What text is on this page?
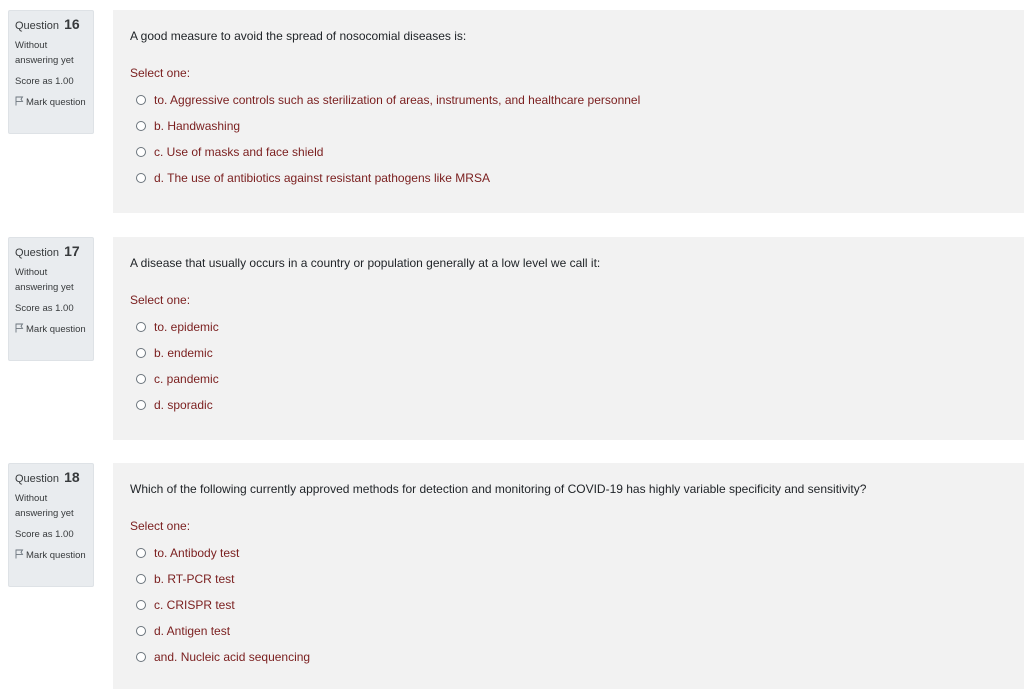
Question 16
Without answering yet
Score as 1.00
Mark question

A good measure to avoid the spread of nosocomial diseases is:

Select one:
to. Aggressive controls such as sterilization of areas, instruments, and healthcare personnel
b. Handwashing
c. Use of masks and face shield
d. The use of antibiotics against resistant pathogens like MRSA
Question 17
Without answering yet
Score as 1.00
Mark question

A disease that usually occurs in a country or population generally at a low level we call it:

Select one:
to. epidemic
b. endemic
c. pandemic
d. sporadic
Question 18
Without answering yet
Score as 1.00
Mark question

Which of the following currently approved methods for detection and monitoring of COVID-19 has highly variable specificity and sensitivity?

Select one:
to. Antibody test
b. RT-PCR test
c. CRISPR test
d. Antigen test
and. Nucleic acid sequencing
